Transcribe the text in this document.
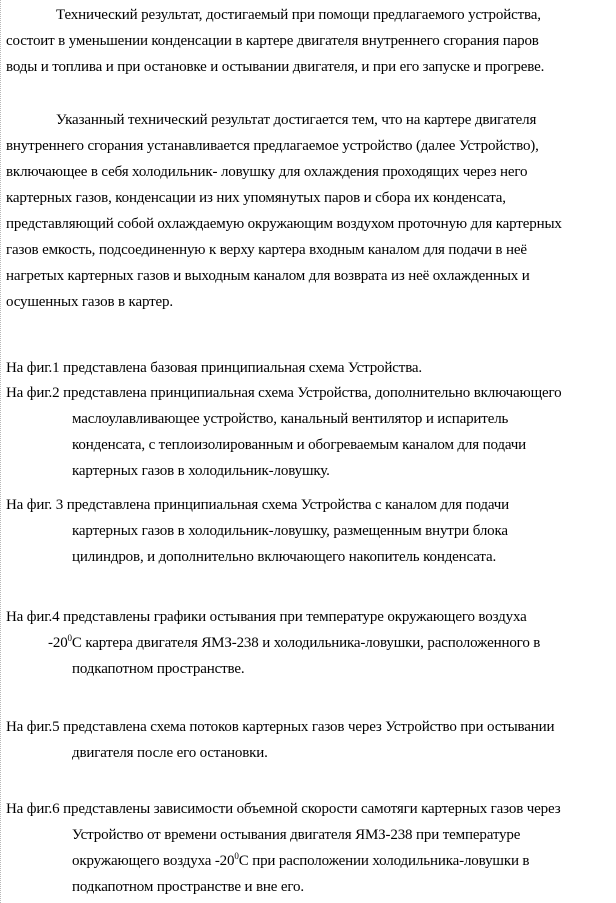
Технический результат, достигаемый при помощи предлагаемого устройства,
состоит в уменьшении конденсации в картере двигателя внутреннего сгорания паров
воды и топлива и при остановке и остывании двигателя, и при его запуске и прогреве.

Указанный технический результат достигается тем, что на картере двигателя
внутреннего сгорания устанавливается предлагаемое устройство (далее Устройство),
включающее в себя холодильник- ловушку для охлаждения проходящих через него
картерных газов, конденсации из них упомянутых паров и сбора их конденсата,
представляющий собой охлаждаемую окружающим воздухом проточную для картерных
газов емкость, подсоединенную к верху картера входным каналом для подачи в неё
нагретых картерных газов и выходным каналом для возврата из неё охлажденных и
осушенных газов в картер.

На фиг.1 представлена базовая принципиальная схема Устройства.

На фиг.2 представлена принципиальная схема Устройства, дополнительно включающего
маслоулавливающее устройство, канальный вентилятор и испаритель
конденсата, с теплоизолированным и обогреваемым каналом для подачи
картерных газов в холодильник-ловушку.

На фиг. 3 представлена принципиальная схема Устройства с каналом для подачи
картерных газов в холодильник-ловушку, размещенным внутри блока
цилиндров, и дополнительно включающего накопитель конденсата.

На фиг.4 представлены графики остывания при температуре окружающего воздуха
$-20^0С$ картера двигателя ЯМЗ-238 и холодильника-ловушки, расположенного в
подкапотном пространстве.

На фиг.5 представлена схема потоков картерных газов через Устройство при остывании
двигателя после его остановки.

На фиг.6 представлены зависимости объемной скорости самотяги картерных газов через
Устройство от времени остывания двигателя ЯМЗ-238 при температуре
окружающего воздуха $-20^0С$ при расположении холодильника-ловушки в
подкапотном пространстве и вне его.
